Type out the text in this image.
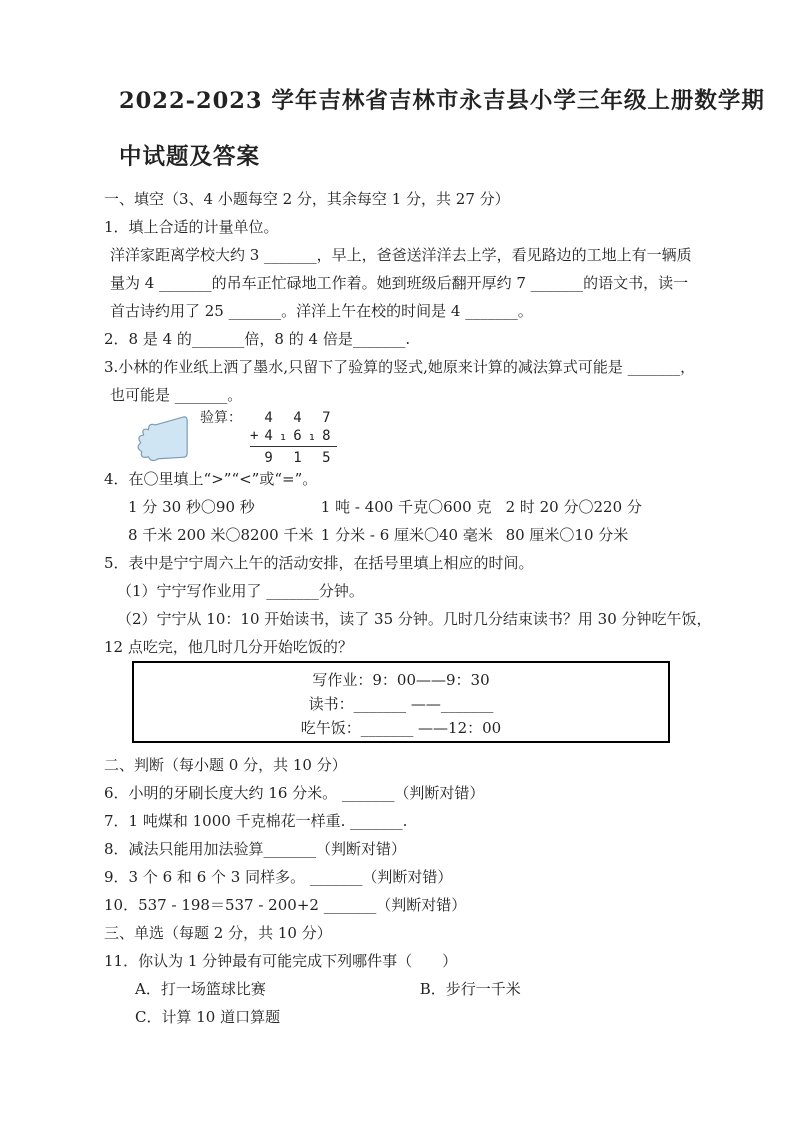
2022-2023 学年吉林省吉林市永吉县小学三年级上册数学期
中试题及答案
一、填空（3、4 小题每空 2 分，其余每空 1 分，共 27 分）
1．填上合适的计量单位。
洋洋家距离学校大约 3 _______，早上，爸爸送洋洋去上学，看见路边的工地上有一辆质
量为 4 _______的吊车正忙碌地工作着。她到班级后翻开厚约 7 _______的语文书，读一
首古诗约用了 25 _______。洋洋上午在校的时间是 4 _______。
2．8 是 4 的_______倍，8 的 4 倍是_______.
3.小林的作业纸上洒了墨水,只留下了验算的竖式,她原来计算的减法算式可能是 _______，
也可能是 _______。
验算： 4 4 7
+4₁6₁8
9 1 5
4．在〇里填上“>”“<”或“=”。
1 分 30 秒〇90 秒	1 吨 - 400 千克〇600 克 2 时 20 分〇220 分
8 千米 200 米〇8200 千米 1 分米 - 6 厘米〇40 毫米 80 厘米〇10 分米
5．表中是宁宁周六上午的活动安排，在括号里填上相应的时间。
（1）宁宁写作业用了 _______分钟。
（2）宁宁从 10：10 开始读书，读了 35 分钟。几时几分结束读书？用 30 分钟吃午饭，
12 点吃完，他几时几分开始吃饭的？
写作业：9：00——9：30
读书：_______ ——_______
吃午饭：_______ ——12：00
二、判断（每小题 0 分，共 10 分）
6．小明的牙刷长度大约 16 分米。 _______（判断对错）
7．1 吨煤和 1000 千克棉花一样重. _______.
8．减法只能用加法验算_______（判断对错）
9．3 个 6 和 6 个 3 同样多。 _______（判断对错）
10．537 - 198＝537 - 200+2 _______（判断对错）
三、单选（每题 2 分，共 10 分）
11．你认为 1 分钟最有可能完成下列哪件事（　　）
A．打一场篮球比赛	B．步行一千米
C．计算 10 道口算题
